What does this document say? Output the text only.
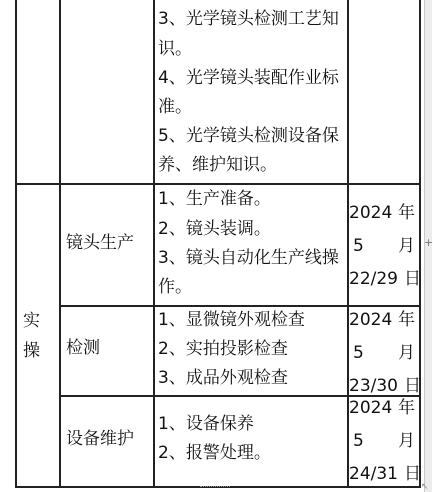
3、光学镜头检测工艺知
识。
4、光学镜头装配作业标
准。
5、光学镜头检测设备保
养、维护知识。
实
操
镜头生产
1、生产准备。
2、镜头装调。
3、镜头自动化生产线操
作。
2024 年
5 月
22/29 日
检测
1、显微镜外观检查
2、实拍投影检查
3、成品外观检查
2024 年
5 月
23/30 日
设备维护
1、设备保养
2、报警处理。
2024 年
5 月
24/31 日
+
↖
